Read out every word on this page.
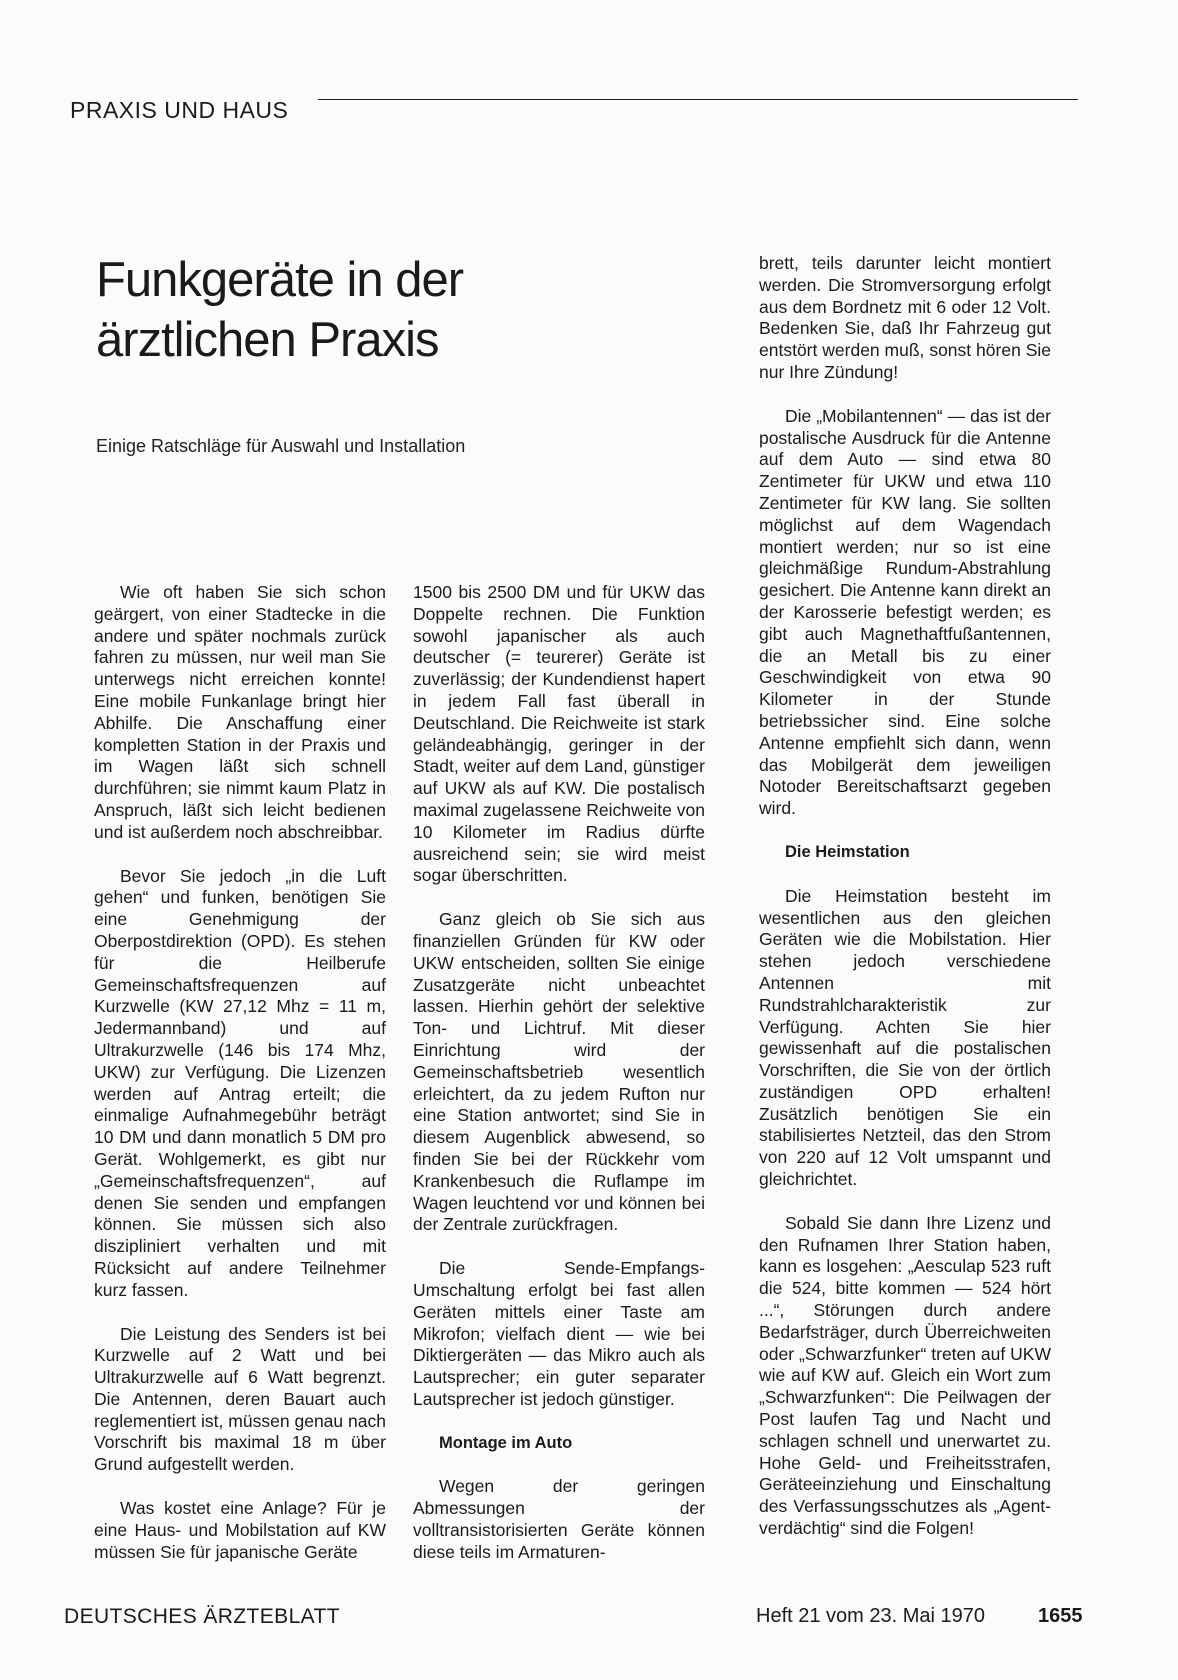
PRAXIS UND HAUS
Funkgeräte in der
ärztlichen Praxis
Einige Ratschläge für Auswahl und Installation

Wie oft haben Sie sich schon geärgert, von einer Stadtecke in die andere und später nochmals zurück fahren zu müssen, nur weil man Sie unterwegs nicht erreichen konnte! Eine mobile Funkanlage bringt hier Abhilfe. Die Anschaffung einer kompletten Station in der Praxis und im Wagen läßt sich schnell durchführen; sie nimmt kaum Platz in Anspruch, läßt sich leicht bedienen und ist außerdem noch abschreibbar.

Bevor Sie jedoch „in die Luft gehen“ und funken, benötigen Sie eine Genehmigung der Oberpostdirektion (OPD). Es stehen für die Heilberufe Gemeinschaftsfrequenzen auf Kurzwelle (KW 27,12 Mhz = 11 m, Jedermannband) und auf Ultrakurzwelle (146 bis 174 Mhz, UKW) zur Verfügung. Die Lizenzen werden auf Antrag erteilt; die einmalige Aufnahmegebühr beträgt 10 DM und dann monatlich 5 DM pro Gerät. Wohlgemerkt, es gibt nur „Gemeinschaftsfrequenzen“, auf denen Sie senden und empfangen können. Sie müssen sich also diszipliniert verhalten und mit Rücksicht auf andere Teilnehmer kurz fassen.

Die Leistung des Senders ist bei Kurzwelle auf 2 Watt und bei Ultrakurzwelle auf 6 Watt begrenzt. Die Antennen, deren Bauart auch reglementiert ist, müssen genau nach Vorschrift bis maximal 18 m über Grund aufgestellt werden.

Was kostet eine Anlage? Für je eine Haus- und Mobilstation auf KW müssen Sie für japanische Geräte

1500 bis 2500 DM und für UKW das Doppelte rechnen. Die Funktion sowohl japanischer als auch deutscher (= teurerer) Geräte ist zuverlässig; der Kundendienst hapert in jedem Fall fast überall in Deutschland. Die Reichweite ist stark geländeabhängig, geringer in der Stadt, weiter auf dem Land, günstiger auf UKW als auf KW. Die postalisch maximal zugelassene Reichweite von 10 Kilometer im Radius dürfte ausreichend sein; sie wird meist sogar überschritten.

Ganz gleich ob Sie sich aus finanziellen Gründen für KW oder UKW entscheiden, sollten Sie einige Zusatzgeräte nicht unbeachtet lassen. Hierhin gehört der selektive Ton- und Lichtruf. Mit dieser Einrichtung wird der Gemeinschaftsbetrieb wesentlich erleichtert, da zu jedem Rufton nur eine Station antwortet; sind Sie in diesem Augenblick abwesend, so finden Sie bei der Rückkehr vom Krankenbesuch die Ruflampe im Wagen leuchtend vor und können bei der Zentrale zurückfragen.

Die Sende-Empfangs-Umschaltung erfolgt bei fast allen Geräten mittels einer Taste am Mikrofon; vielfach dient — wie bei Diktiergeräten — das Mikro auch als Lautsprecher; ein guter separater Lautsprecher ist jedoch günstiger.

Montage im Auto

Wegen der geringen Abmessungen der volltransistorisierten Geräte können diese teils im Armaturen-

brett, teils darunter leicht montiert werden. Die Stromversorgung erfolgt aus dem Bordnetz mit 6 oder 12 Volt. Bedenken Sie, daß Ihr Fahrzeug gut entstört werden muß, sonst hören Sie nur Ihre Zündung!

Die „Mobilantennen“ — das ist der postalische Ausdruck für die Antenne auf dem Auto — sind etwa 80 Zentimeter für UKW und etwa 110 Zentimeter für KW lang. Sie sollten möglichst auf dem Wagendach montiert werden; nur so ist eine gleichmäßige Rundum-Abstrahlung gesichert. Die Antenne kann direkt an der Karosserie befestigt werden; es gibt auch Magnethaftfußantennen, die an Metall bis zu einer Geschwindigkeit von etwa 90 Kilometer in der Stunde betriebssicher sind. Eine solche Antenne empfiehlt sich dann, wenn das Mobilgerät dem jeweiligen Notoder Bereitschaftsarzt gegeben wird.

Die Heimstation

Die Heimstation besteht im wesentlichen aus den gleichen Geräten wie die Mobilstation. Hier stehen jedoch verschiedene Antennen mit Rundstrahlcharakteristik zur Verfügung. Achten Sie hier gewissenhaft auf die postalischen Vorschriften, die Sie von der örtlich zuständigen OPD erhalten! Zusätzlich benötigen Sie ein stabilisiertes Netzteil, das den Strom von 220 auf 12 Volt umspannt und gleichrichtet.

Sobald Sie dann Ihre Lizenz und den Rufnamen Ihrer Station haben, kann es losgehen: „Aesculap 523 ruft die 524, bitte kommen — 524 hört ...“, Störungen durch andere Bedarfsträger, durch Überreichweiten oder „Schwarzfunker“ treten auf UKW wie auf KW auf. Gleich ein Wort zum „Schwarzfunken“: Die Peilwagen der Post laufen Tag und Nacht und schlagen schnell und unerwartet zu. Hohe Geld- und Freiheitsstrafen, Geräteeinziehung und Einschaltung des Verfassungsschutzes als „Agent-verdächtig“ sind die Folgen!

DEUTSCHES ÄRZTEBLATT	Heft 21 vom 23. Mai 1970	1655
